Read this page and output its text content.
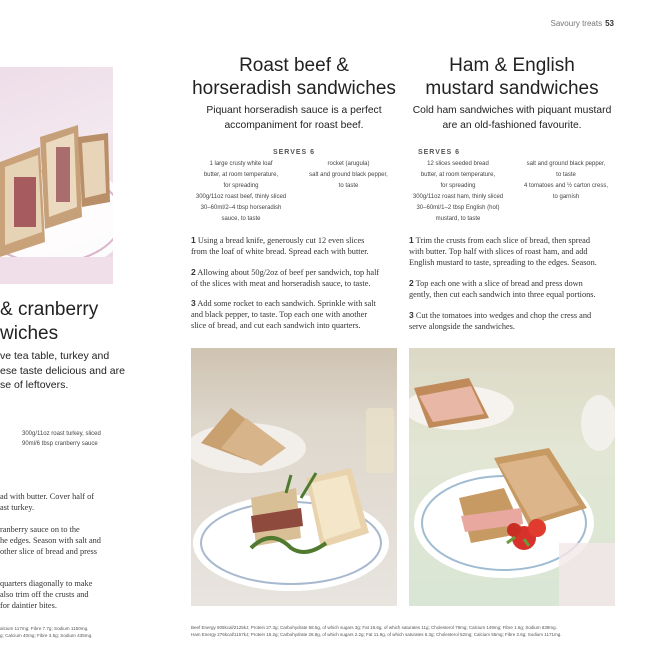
Savoury treats 53
& cranberry
wiches
ve tea table, turkey and
ese taste delicious and are
se of leftovers.
300g/11oz roast turkey, sliced
90ml/6 tbsp cranberry sauce
ad with butter. Cover half of
ast turkey.
ranberry sauce on to the
he edges. Season with salt and
other slice of bread and press
quarters diagonally to make
also trim off the crusts and
for daintier bites.
alcium 117mg; Fibre 7.7g; Sodium 1150mg.
g; Calcium 40mg; Fibre 3.5g; Sodium 435mg.
Roast beef &
horseradish sandwiches
Piquant horseradish sauce is a perfect
accompaniment for roast beef.
SERVES 6
1 large crusty white loaf
butter, at room temperature,
for spreading
300g/11oz roast beef, thinly sliced
30–60ml/2–4 tbsp horseradish
sauce, to taste
rocket (arugula)
salt and ground black pepper,
to taste
1 Using a bread knife, generously cut 12 even slices
from the loaf of white bread. Spread each with butter.
2 Allowing about 50g/2oz of beef per sandwich, top half
of the slices with meat and horseradish sauce, to taste.
3 Add some rocket to each sandwich. Sprinkle with salt
and black pepper, to taste. Top each one with another
slice of bread, and cut each sandwich into quarters.
Ham & English
mustard sandwiches
Cold ham sandwiches with piquant mustard
are an old-fashioned favourite.
SERVES 6
12 slices seeded bread
butter, at room temperature,
for spreading
300g/11oz roast ham, thinly sliced
30–60ml/1–2 tbsp English (hot)
mustard, to taste
salt and ground black pepper,
to taste
4 tomatoes and ½ carton cress,
to garnish
1 Trim the crusts from each slice of bread, then spread
with butter. Top half with slices of roast ham, and add
English mustard to taste, spreading to the edges. Season.
2 Top each one with a slice of bread and press down
gently, then cut each sandwich into three equal portions.
3 Cut the tomatoes into wedges and chop the cress and
serve alongside the sandwiches.
Beef Energy 505kcal/2125kJ; Protein 27.3g; Carbohydrate 58.5g, of which sugars 3g; Fat 19.6g, of which saturates 11g; Cholesterol 79mg; Calcium 149mg; Fibre 1.6g; Sodium 838mg.
Ham Energy 276kcal/1157kJ; Protein 15.2g; Carbohydrate 28.8g, of which sugars 2.2g; Fat 11.9g, of which saturates 6.3g; Cholesterol 52mg; Calcium 55mg; Fibre 2.6g; Sodium 1171mg.
